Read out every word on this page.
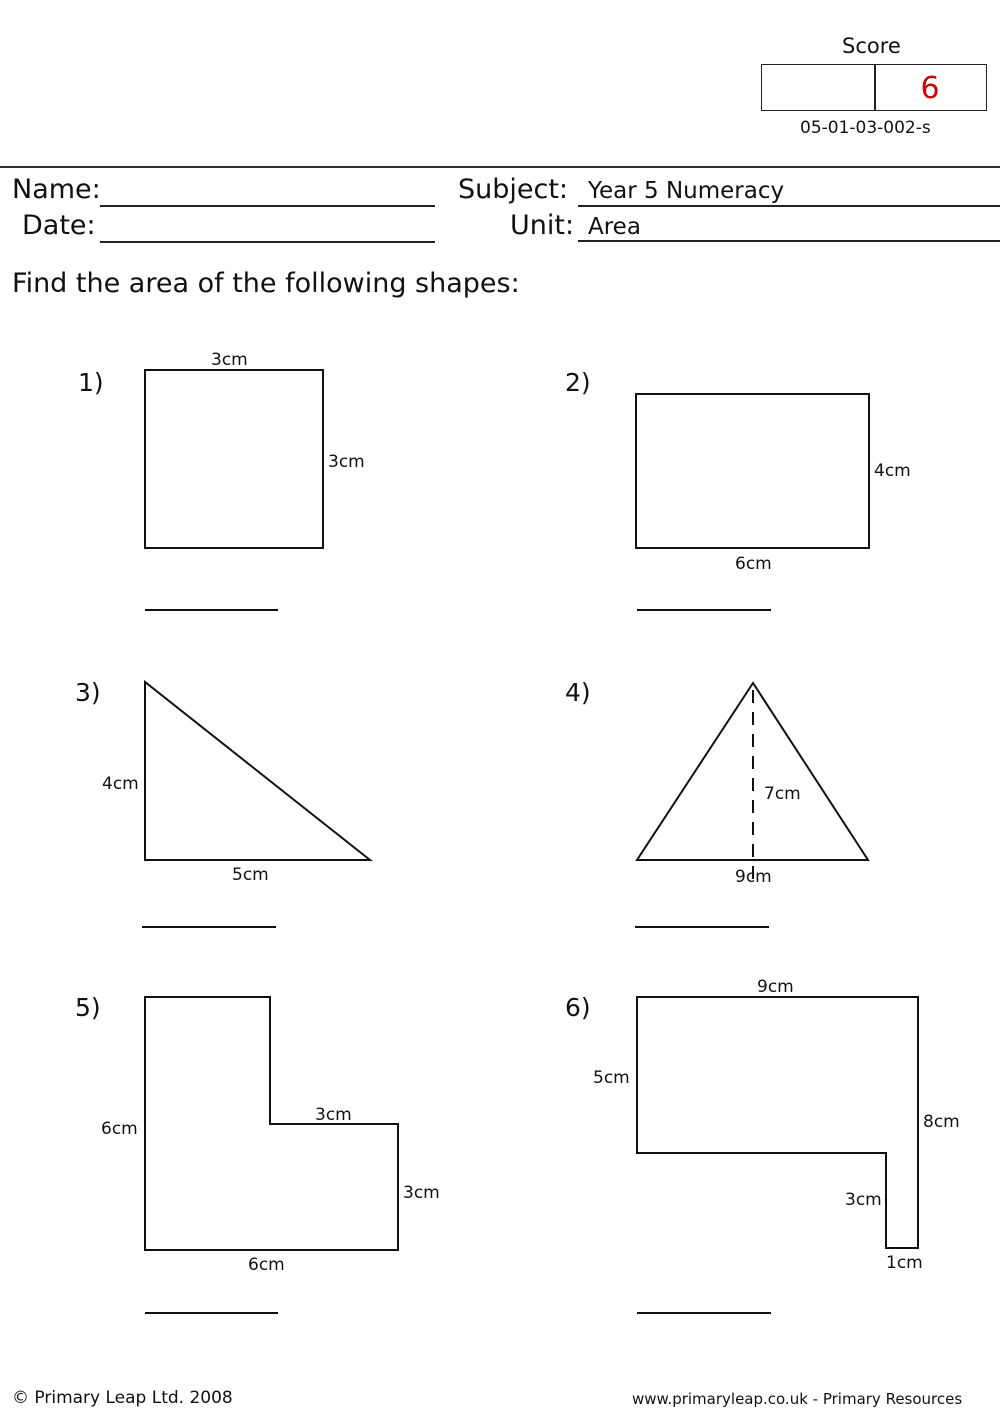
Score
6
05-01-03-002-s
Name:
Date:
Subject: Year 5 Numeracy
Unit: Area
Find the area of the following shapes:
1)	2)
3)	4)
5)	6)
3cm
3cm	4cm
6cm
4cm
5cm
7cm
9cm
6cm
3cm
3cm
6cm
9cm
5cm
8cm
3cm
1cm
© Primary Leap Ltd. 2008	www.primaryleap.co.uk - Primary Resources
